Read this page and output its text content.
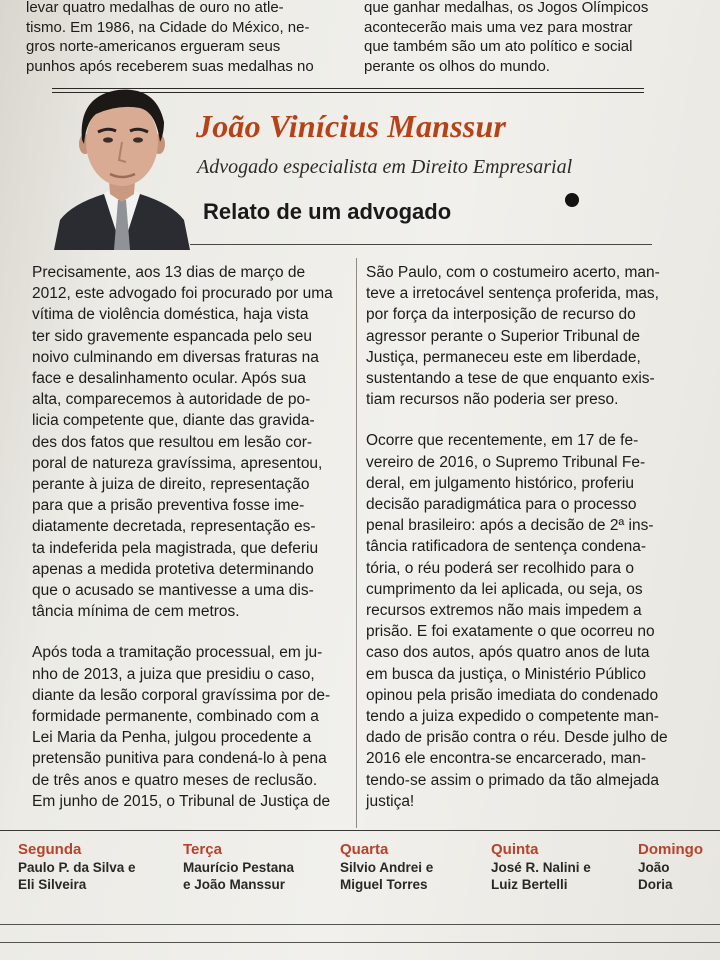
levar quatro medalhas de ouro no atle-
tismo. Em 1986, na Cidade do México, ne-
gros norte-americanos ergueram seus
punhos após receberem suas medalhas no
que ganhar medalhas, os Jogos Olímpicos
acontecerão mais uma vez para mostrar
que também são um ato político e social
perante os olhos do mundo.
João Vinícius Manssur
Advogado especialista em Direito Empresarial
Relato de um advogado
Precisamente, aos 13 dias de março de
2012, este advogado foi procurado por uma
vítima de violência doméstica, haja vista
ter sido gravemente espancada pelo seu
noivo culminando em diversas fraturas na
face e desalinhamento ocular. Após sua
alta, comparecemos à autoridade de po-
licia competente que, diante das gravida-
des dos fatos que resultou em lesão cor-
poral de natureza gravíssima, apresentou,
perante à juiza de direito, representação
para que a prisão preventiva fosse ime-
diatamente decretada, representação es-
ta indeferida pela magistrada, que deferiu
apenas a medida protetiva determinando
que o acusado se mantivesse a uma dis-
tância mínima de cem metros.
Após toda a tramitação processual, em ju-
nho de 2013, a juiza que presidiu o caso,
diante da lesão corporal gravíssima por de-
formidade permanente, combinado com a
Lei Maria da Penha, julgou procedente a
pretensão punitiva para condená-lo à pena
de três anos e quatro meses de reclusão.
Em junho de 2015, o Tribunal de Justiça de
São Paulo, com o costumeiro acerto, man-
teve a irretocável sentença proferida, mas,
por força da interposição de recurso do
agressor perante o Superior Tribunal de
Justiça, permaneceu este em liberdade,
sustentando a tese de que enquanto exis-
tiam recursos não poderia ser preso.
Ocorre que recentemente, em 17 de fe-
vereiro de 2016, o Supremo Tribunal Fe-
deral, em julgamento histórico, proferiu
decisão paradigmática para o processo
penal brasileiro: após a decisão de 2ª ins-
tância ratificadora de sentença condena-
tória, o réu poderá ser recolhido para o
cumprimento da lei aplicada, ou seja, os
recursos extremos não mais impedem a
prisão. E foi exatamente o que ocorreu no
caso dos autos, após quatro anos de luta
em busca da justiça, o Ministério Público
opinou pela prisão imediata do condenado
tendo a juiza expedido o competente man-
dado de prisão contra o réu. Desde julho de
2016 ele encontra-se encarcerado, man-
tendo-se assim o primado da tão almejada
justiça!
Segunda
Paulo P. da Silva e
Eli Silveira
Terça
Maurício Pestana
e João Manssur
Quarta
Silvio Andrei e
Miguel Torres
Quinta
José R. Nalini e
Luiz Bertelli
Domingo
João
Doria
